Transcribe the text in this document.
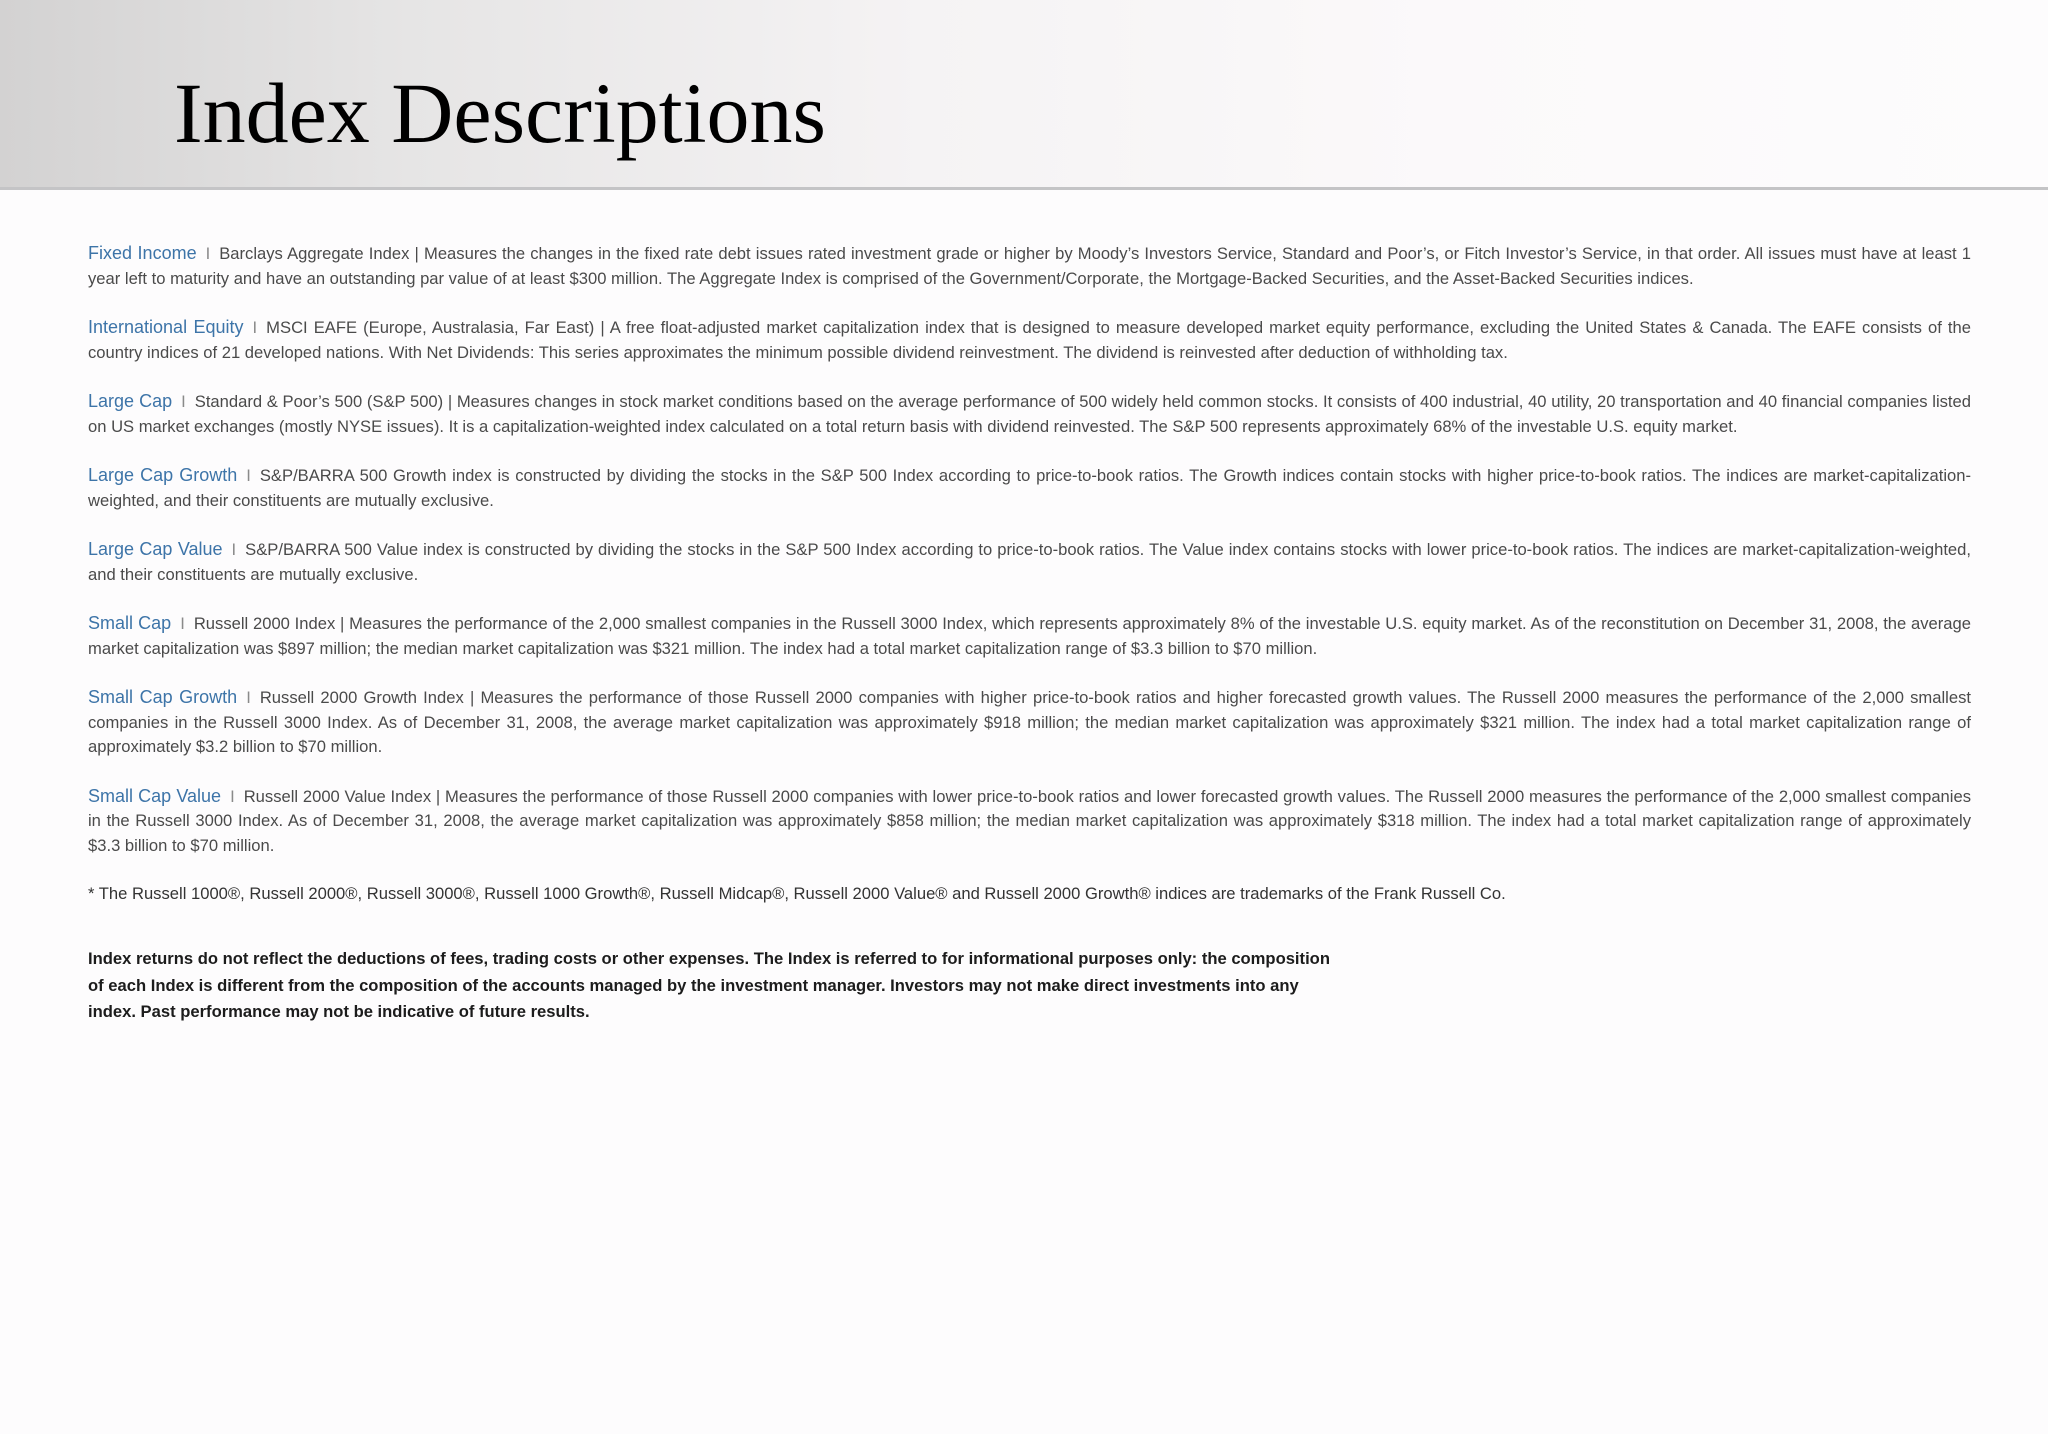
Index Descriptions

Fixed Income I Barclays Aggregate Index | Measures the changes in the fixed rate debt issues rated investment grade or higher by Moody’s Investors Service, Standard and Poor’s, or Fitch Investor’s Service, in that order. All issues must have at least 1 year left to maturity and have an outstanding par value of at least $300 million. The Aggregate Index is comprised of the Government/Corporate, the Mortgage-Backed Securities, and the Asset-Backed Securities indices.

International Equity I MSCI EAFE (Europe, Australasia, Far East) | A free float-adjusted market capitalization index that is designed to measure developed market equity performance, excluding the United States & Canada. The EAFE consists of the country indices of 21 developed nations. With Net Dividends: This series approximates the minimum possible dividend reinvestment. The dividend is reinvested after deduction of withholding tax.

Large Cap I Standard & Poor’s 500 (S&P 500) | Measures changes in stock market conditions based on the average performance of 500 widely held common stocks. It consists of 400 industrial, 40 utility, 20 transportation and 40 financial companies listed on US market exchanges (mostly NYSE issues). It is a capitalization-weighted index calculated on a total return basis with dividend reinvested. The S&P 500 represents approximately 68% of the investable U.S. equity market.

Large Cap Growth I S&P/BARRA 500 Growth index is constructed by dividing the stocks in the S&P 500 Index according to price-to-book ratios. The Growth indices contain stocks with higher price-to-book ratios. The indices are market-capitalization-weighted, and their constituents are mutually exclusive.

Large Cap Value I S&P/BARRA 500 Value index is constructed by dividing the stocks in the S&P 500 Index according to price-to-book ratios. The Value index contains stocks with lower price-to-book ratios. The indices are market-capitalization-weighted, and their constituents are mutually exclusive.

Small Cap I Russell 2000 Index | Measures the performance of the 2,000 smallest companies in the Russell 3000 Index, which represents approximately 8% of the investable U.S. equity market. As of the reconstitution on December 31, 2008, the average market capitalization was $897 million; the median market capitalization was $321 million. The index had a total market capitalization range of $3.3 billion to $70 million.

Small Cap Growth I Russell 2000 Growth Index | Measures the performance of those Russell 2000 companies with higher price-to-book ratios and higher forecasted growth values. The Russell 2000 measures the performance of the 2,000 smallest companies in the Russell 3000 Index. As of December 31, 2008, the average market capitalization was approximately $918 million; the median market capitalization was approximately $321 million. The index had a total market capitalization range of approximately $3.2 billion to $70 million.

Small Cap Value I Russell 2000 Value Index | Measures the performance of those Russell 2000 companies with lower price-to-book ratios and lower forecasted growth values. The Russell 2000 measures the performance of the 2,000 smallest companies in the Russell 3000 Index. As of December 31, 2008, the average market capitalization was approximately $858 million; the median market capitalization was approximately $318 million. The index had a total market capitalization range of approximately $3.3 billion to $70 million.

* The Russell 1000®, Russell 2000®, Russell 3000®, Russell 1000 Growth®, Russell Midcap®, Russell 2000 Value® and Russell 2000 Growth® indices are trademarks of the Frank Russell Co.

Index returns do not reflect the deductions of fees, trading costs or other expenses. The Index is referred to for informational purposes only: the composition of each Index is different from the composition of the accounts managed by the investment manager. Investors may not make direct investments into any index. Past performance may not be indicative of future results.
